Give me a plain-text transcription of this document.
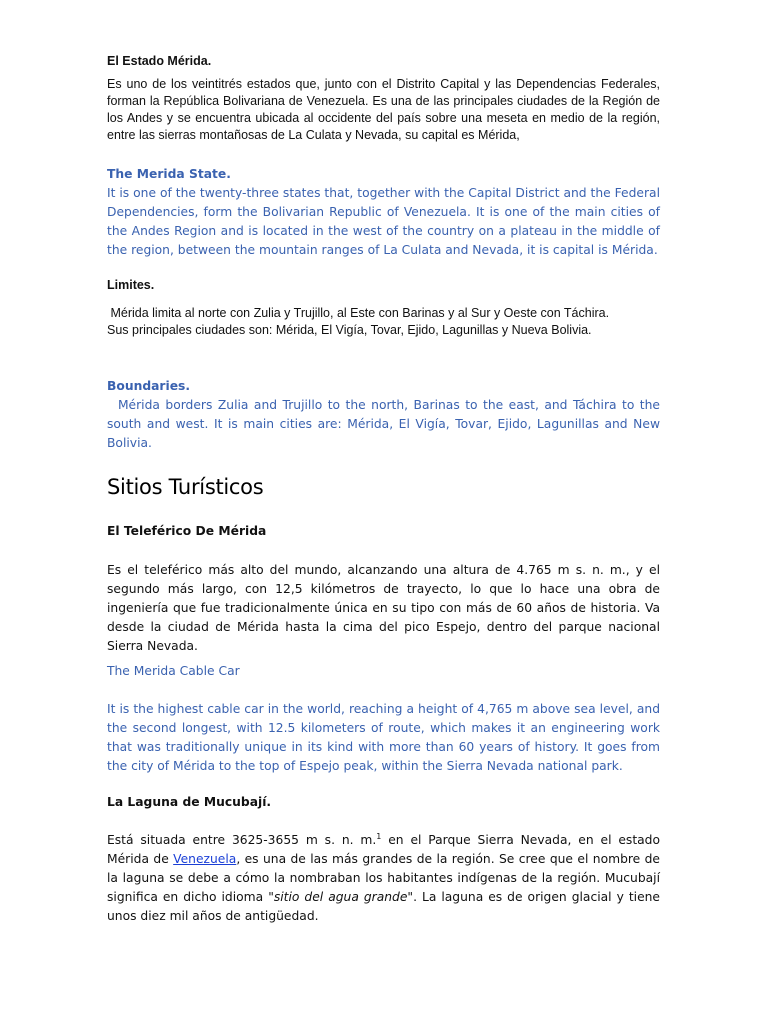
El Estado Mérida.

Es uno de los veintitrés estados que, junto con el Distrito Capital y las Dependencias Federales, forman la República Bolivariana de Venezuela. Es una de las principales ciudades de la Región de los Andes y se encuentra ubicada al occidente del país sobre una meseta en medio de la región, entre las sierras montañosas de La Culata y Nevada, su capital es Mérida,

The Merida State.

It is one of the twenty-three states that, together with the Capital District and the Federal Dependencies, form the Bolivarian Republic of Venezuela. It is one of the main cities of the Andes Region and is located in the west of the country on a plateau in the middle of the region, between the mountain ranges of La Culata and Nevada, it is capital is Mérida.

Limites.

Mérida limita al norte con Zulia y Trujillo, al Este con Barinas y al Sur y Oeste con Táchira.

Sus principales ciudades son: Mérida, El Vigía, Tovar, Ejido, Lagunillas y Nueva Bolivia.

Boundaries.

Mérida borders Zulia and Trujillo to the north, Barinas to the east, and Táchira to the south and west. It is main cities are: Mérida, El Vigía, Tovar, Ejido, Lagunillas and New Bolivia.

Sitios Turísticos
El Teleférico De Mérida

Es el teleférico más alto del mundo, alcanzando una altura de 4.765 m s. n. m., y el segundo más largo, con 12,5 kilómetros de trayecto, lo que lo hace una obra de ingeniería que fue tradicionalmente única en su tipo con más de 60 años de historia. Va desde la ciudad de Mérida hasta la cima del pico Espejo, dentro del parque nacional Sierra Nevada.

The Merida Cable Car

It is the highest cable car in the world, reaching a height of 4,765 m above sea level, and the second longest, with 12.5 kilometers of route, which makes it an engineering work that was traditionally unique in its kind with more than 60 years of history. It goes from the city of Mérida to the top of Espejo peak, within the Sierra Nevada national park.

La Laguna de Mucubají.

Está situada entre 3625-3655 m s. n. m.$^1$ en el Parque Sierra Nevada, en el estado Mérida de Venezuela, es una de las más grandes de la región. Se cree que el nombre de la laguna se debe a cómo la nombraban los habitantes indígenas de la región. Mucubají significa en dicho idioma "sitio del agua grande". La laguna es de origen glacial y tiene unos diez mil años de antigüedad.
